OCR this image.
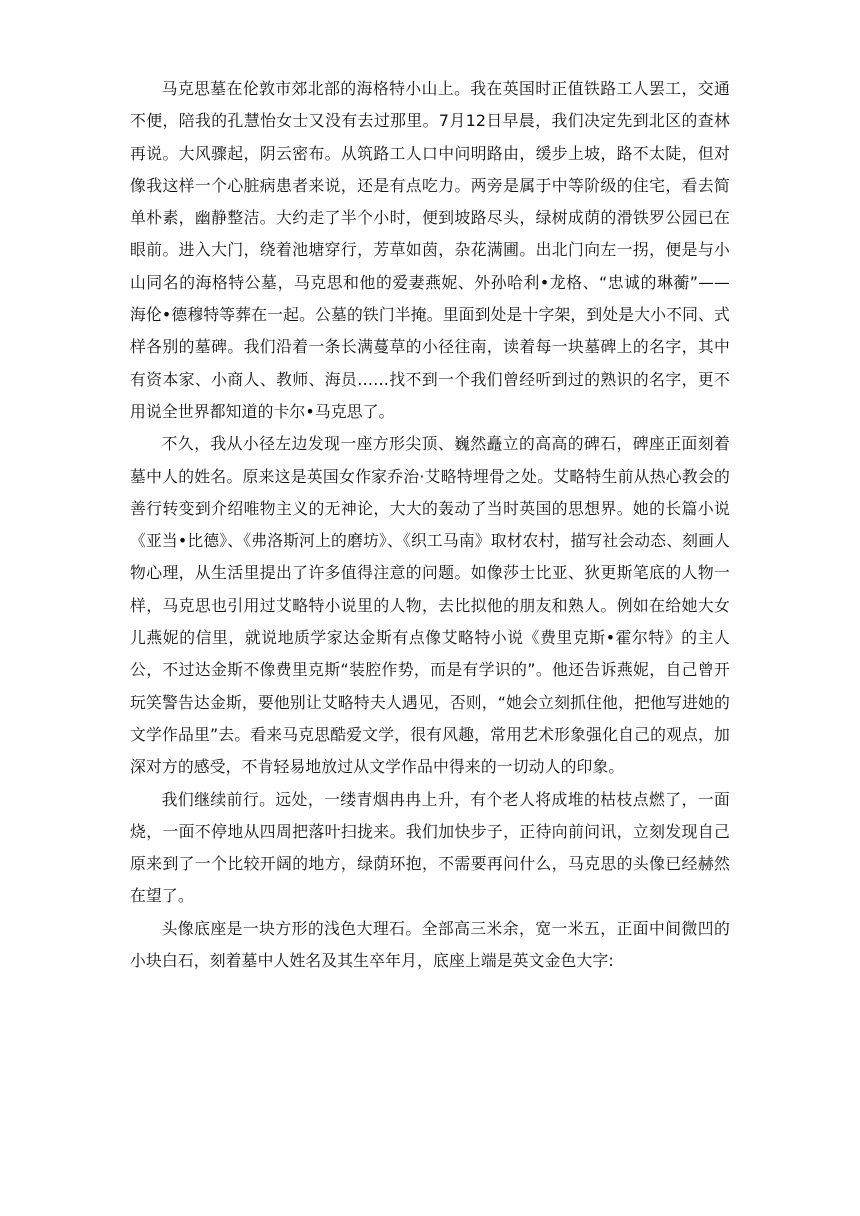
马克思墓在伦敦市郊北部的海格特小山上。我在英国时正值铁路工人罢工，交通不便，陪我的孔慧怡女士又没有去过那里。7月12日早晨，我们决定先到北区的查林再说。大风骤起，阴云密布。从筑路工人口中问明路由，缓步上坡，路不太陡，但对像我这样一个心脏病患者来说，还是有点吃力。两旁是属于中等阶级的住宅，看去简单朴素，幽静整洁。大约走了半个小时，便到坡路尽头，绿树成荫的滑铁罗公园已在眼前。进入大门，绕着池塘穿行，芳草如茵，杂花满圃。出北门向左一拐，便是与小山同名的海格特公墓，马克思和他的爱妻燕妮、外孙哈利•龙格、“忠诚的琳蘅”——海伦•德穆特等葬在一起。公墓的铁门半掩。里面到处是十字架，到处是大小不同、式样各别的墓碑。我们沿着一条长满蔓草的小径往南，读着每一块墓碑上的名字，其中有资本家、小商人、教师、海员……找不到一个我们曾经听到过的熟识的名字，更不用说全世界都知道的卡尔•马克思了。

不久，我从小径左边发现一座方形尖顶、巍然矗立的高高的碑石，碑座正面刻着墓中人的姓名。原来这是英国女作家乔治·艾略特埋骨之处。艾略特生前从热心教会的善行转变到介绍唯物主义的无神论，大大的轰动了当时英国的思想界。她的长篇小说《亚当•比德》、《弗洛斯河上的磨坊》、《织工马南》取材农村，描写社会动态、刻画人物心理，从生活里提出了许多值得注意的问题。如像莎士比亚、狄更斯笔底的人物一样，马克思也引用过艾略特小说里的人物，去比拟他的朋友和熟人。例如在给她大女儿燕妮的信里，就说地质学家达金斯有点像艾略特小说《费里克斯•霍尔特》的主人公，不过达金斯不像费里克斯“装腔作势，而是有学识的”。他还告诉燕妮，自己曾开玩笑警告达金斯，要他别让艾略特夫人遇见，否则，“她会立刻抓住他，把他写进她的文学作品里”去。看来马克思酷爱文学，很有风趣，常用艺术形象强化自己的观点，加深对方的感受，不肯轻易地放过从文学作品中得来的一切动人的印象。

我们继续前行。远处，一缕青烟冉冉上升，有个老人将成堆的枯枝点燃了，一面烧，一面不停地从四周把落叶扫拢来。我们加快步子，正待向前问讯，立刻发现自己原来到了一个比较开阔的地方，绿荫环抱，不需要再问什么，马克思的头像已经赫然在望了。

头像底座是一块方形的浅色大理石。全部高三米余，宽一米五，正面中间微凹的小块白石，刻着墓中人姓名及其生卒年月，底座上端是英文金色大字:
